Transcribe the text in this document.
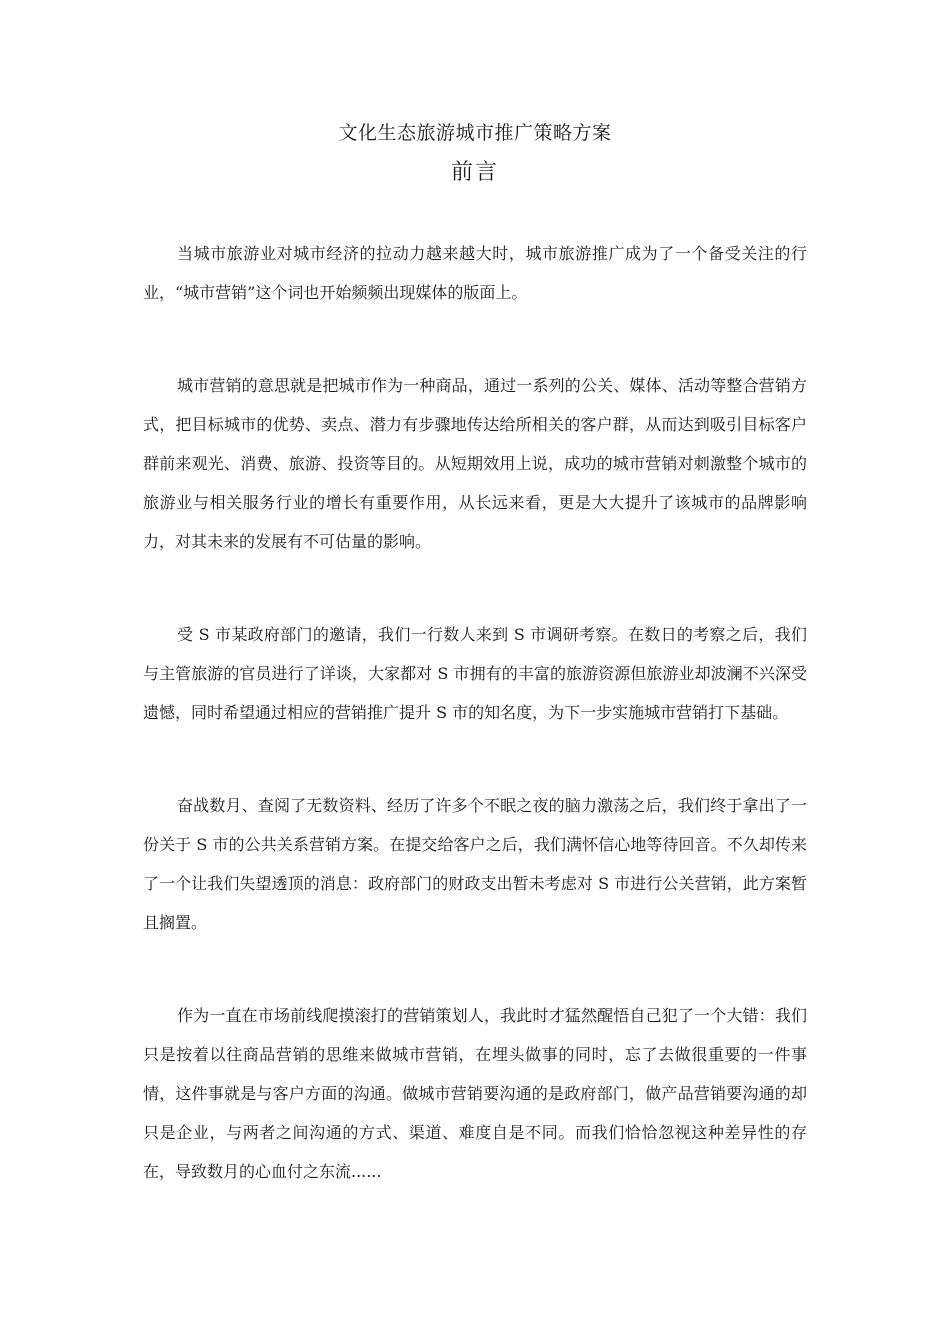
文化生态旅游城市推广策略方案
前言

当城市旅游业对城市经济的拉动力越来越大时，城市旅游推广成为了一个备受关注的行业，“城市营销”这个词也开始频频出现媒体的版面上。

城市营销的意思就是把城市作为一种商品，通过一系列的公关、媒体、活动等整合营销方式，把目标城市的优势、卖点、潜力有步骤地传达给所相关的客户群，从而达到吸引目标客户群前来观光、消费、旅游、投资等目的。从短期效用上说，成功的城市营销对刺激整个城市的旅游业与相关服务行业的增长有重要作用，从长远来看，更是大大提升了该城市的品牌影响力，对其未来的发展有不可估量的影响。

受 S 市某政府部门的邀请，我们一行数人来到 S 市调研考察。在数日的考察之后，我们与主管旅游的官员进行了详谈，大家都对 S 市拥有的丰富的旅游资源但旅游业却波澜不兴深受遗憾，同时希望通过相应的营销推广提升 S 市的知名度，为下一步实施城市营销打下基础。

奋战数月、查阅了无数资料、经历了许多个不眠之夜的脑力激荡之后，我们终于拿出了一份关于 S 市的公共关系营销方案。在提交给客户之后，我们满怀信心地等待回音。不久却传来了一个让我们失望透顶的消息：政府部门的财政支出暂未考虑对 S 市进行公关营销，此方案暂且搁置。

作为一直在市场前线爬摸滚打的营销策划人，我此时才猛然醒悟自己犯了一个大错：我们只是按着以往商品营销的思维来做城市营销，在埋头做事的同时，忘了去做很重要的一件事情，这件事就是与客户方面的沟通。做城市营销要沟通的是政府部门，做产品营销要沟通的却只是企业，与两者之间沟通的方式、渠道、难度自是不同。而我们恰恰忽视这种差异性的存在，导致数月的心血付之东流......
